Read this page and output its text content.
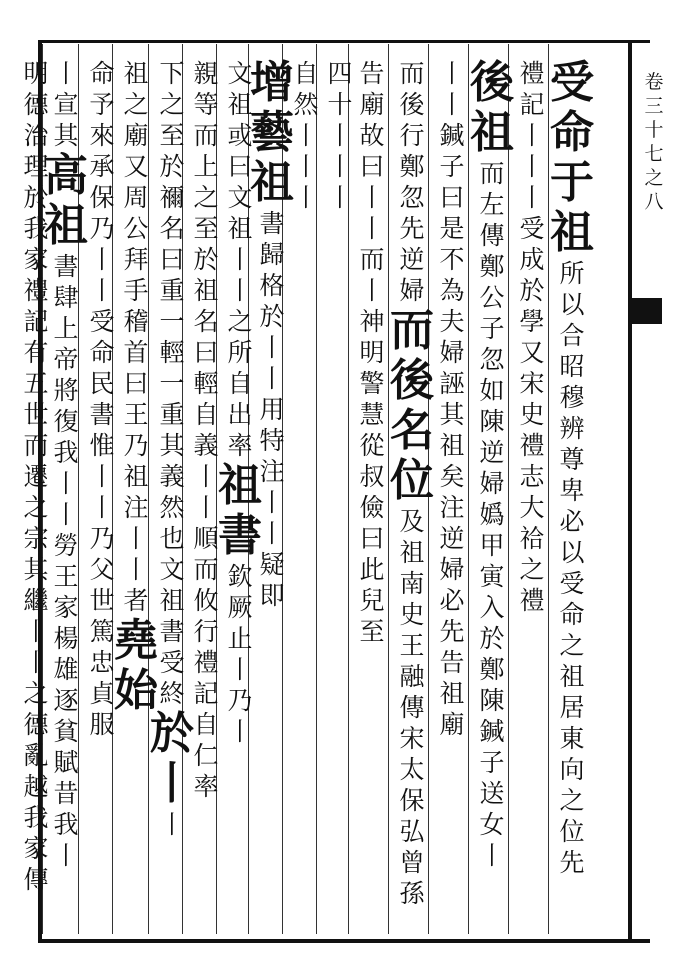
卷
三
十
七
之
八
受
命
于
祖
所
以
合
昭
穆
辨
尊
卑
必
以
受
命
之
祖
居
東
向
之
位
先
禮
記
丨
丨
丨
受
成
於
學
又
宋
史
禮
志
大
祫
之
禮
後
祖
而
左
傳
鄭
公
子
忽
如
陳
逆
婦
嬀
甲
寅
入
於
鄭
陳
鍼
子
送
女
丨
丨
丨
鍼
子
曰
是
不
為
夫
婦
誣
其
祖
矣
注
逆
婦
必
先
告
祖
廟
而
後
行
鄭
忽
先
逆
婦
而
後
名
位
及
祖
南
史
王
融
傳
宋
太
保
弘
曾
孫
告
廟
故
曰
丨
丨
而
丨
神
明
警
慧
從
叔
儉
曰
此
兒
至
四
十
丨
丨
丨
自
然
丨
丨
丨
增
藝
祖
書
歸
格
於
丨
丨
用
特
注
丨
丨
疑
即
文
祖
或
曰
文
祖
丨
丨
之
所
自
出
率
祖
書
欽
厥
止
丨
乃
丨
親
等
而
上
之
至
於
祖
名
曰
輕
自
義
丨
丨
順
而
攸
行
禮
記
自
仁
率
下
之
至
於
禰
名
曰
重
一
輕
一
重
其
義
然
也
文
祖
書
受
終
於
丨
丨
祖
之
廟
又
周
公
拜
手
稽
首
曰
王
乃
祖
注
丨
丨
者
堯
始
命
予
來
承
保
乃
丨
丨
受
命
民
書
惟
丨
丨
乃
父
世
篤
忠
貞
服
丨
宣
其
高
祖
書
肆
上
帝
將
復
我
丨
丨
勞
王
家
楊
雄
逐
貧
賦
昔
我
丨
明
德
治
理
於
我
家
禮
記
有
五
世
而
遷
之
宗
其
繼
丨
丨
之
德
亂
越
我
家
傳
